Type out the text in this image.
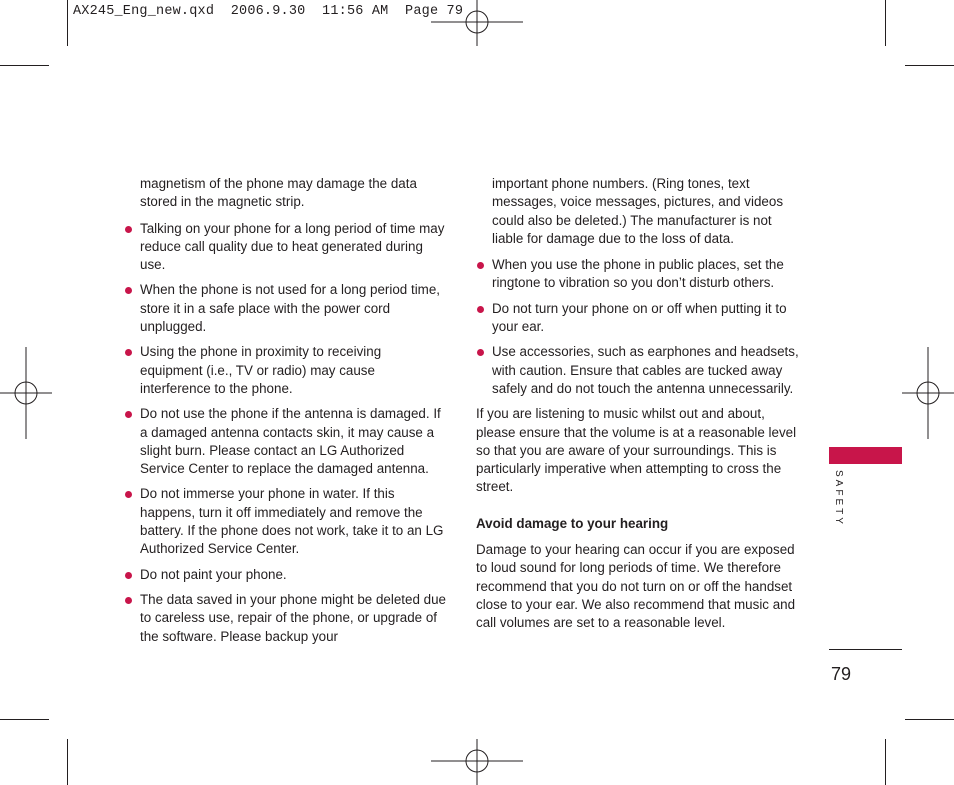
AX245_Eng_new.qxd  2006.9.30  11:56 AM  Page 79

magnetism of the phone may damage the data stored in the magnetic strip.

Talking on your phone for a long period of time may reduce call quality due to heat generated during use.
When the phone is not used for a long period time, store it in a safe place with the power cord unplugged.
Using the phone in proximity to receiving equipment (i.e., TV or radio) may cause interference to the phone.
Do not use the phone if the antenna is damaged. If a damaged antenna contacts skin, it may cause a slight burn. Please contact an LG Authorized Service Center to replace the damaged antenna.
Do not immerse your phone in water. If this happens, turn it off immediately and remove the battery. If the phone does not work, take it to an LG Authorized Service Center.
Do not paint your phone.
The data saved in your phone might be deleted due to careless use, repair of the phone, or upgrade of the software. Please backup your

important phone numbers. (Ring tones, text messages, voice messages, pictures, and videos could also be deleted.) The manufacturer is not liable for damage due to the loss of data.

When you use the phone in public places, set the ringtone to vibration so you don’t disturb others.
Do not turn your phone on or off when putting it to your ear.
Use accessories, such as earphones and headsets, with caution. Ensure that cables are tucked away safely and do not touch the antenna unnecessarily.

If you are listening to music whilst out and about, please ensure that the volume is at a reasonable level so that you are aware of your surroundings. This is particularly imperative when attempting to cross the street.

Avoid damage to your hearing

Damage to your hearing can occur if you are exposed to loud sound for long periods of time. We therefore recommend that you do not turn on or off the handset close to your ear. We also recommend that music and call volumes are set to a reasonable level.

SAFETY
79
